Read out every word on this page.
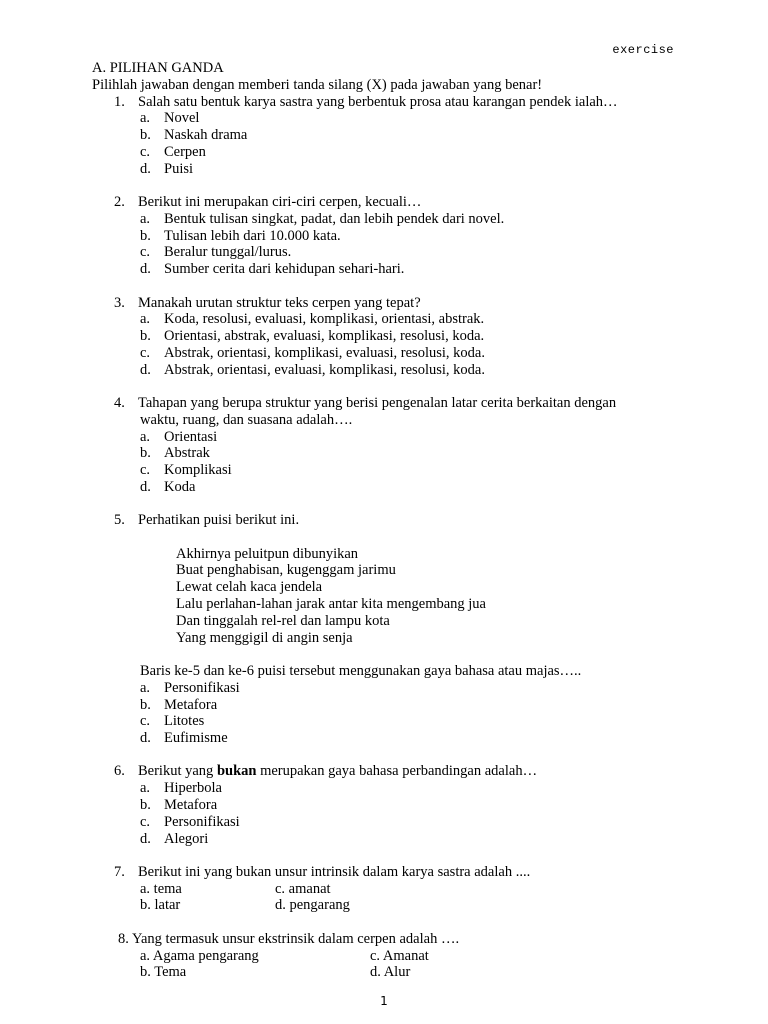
exercise
A. PILIHAN GANDA
Pilihlah jawaban dengan memberi tanda silang (X) pada jawaban yang benar!
1. Salah satu bentuk karya sastra yang berbentuk prosa atau karangan pendek ialah…
a. Novel
b. Naskah drama
c. Cerpen
d. Puisi
2. Berikut ini merupakan ciri-ciri cerpen, kecuali…
a. Bentuk tulisan singkat, padat, dan lebih pendek dari novel.
b. Tulisan lebih dari 10.000 kata.
c. Beralur tunggal/lurus.
d. Sumber cerita dari kehidupan sehari-hari.
3. Manakah urutan struktur teks cerpen yang tepat?
a. Koda, resolusi, evaluasi, komplikasi, orientasi, abstrak.
b. Orientasi, abstrak, evaluasi, komplikasi, resolusi, koda.
c. Abstrak, orientasi, komplikasi, evaluasi, resolusi, koda.
d. Abstrak, orientasi, evaluasi, komplikasi, resolusi, koda.
4. Tahapan yang berupa struktur yang berisi pengenalan latar cerita berkaitan dengan
waktu, ruang, dan suasana adalah….
a. Orientasi
b. Abstrak
c. Komplikasi
d. Koda
5. Perhatikan puisi berikut ini.
Akhirnya peluitpun dibunyikan
Buat penghabisan, kugenggam jarimu
Lewat celah kaca jendela
Lalu perlahan-lahan jarak antar kita mengembang jua
Dan tinggalah rel-rel dan lampu kota
Yang menggigil di angin senja
Baris ke-5 dan ke-6 puisi tersebut menggunakan gaya bahasa atau majas…..
a. Personifikasi
b. Metafora
c. Litotes
d. Eufimisme
6. Berikut yang bukan merupakan gaya bahasa perbandingan adalah…
a. Hiperbola
b. Metafora
c. Personifikasi
d. Alegori
7. Berikut ini yang bukan unsur intrinsik dalam karya sastra adalah ....
a. tema	c. amanat
b. latar	d. pengarang
8. Yang termasuk unsur ekstrinsik dalam cerpen adalah ….
a. Agama pengarang	c. Amanat
b. Tema	d. Alur
1
